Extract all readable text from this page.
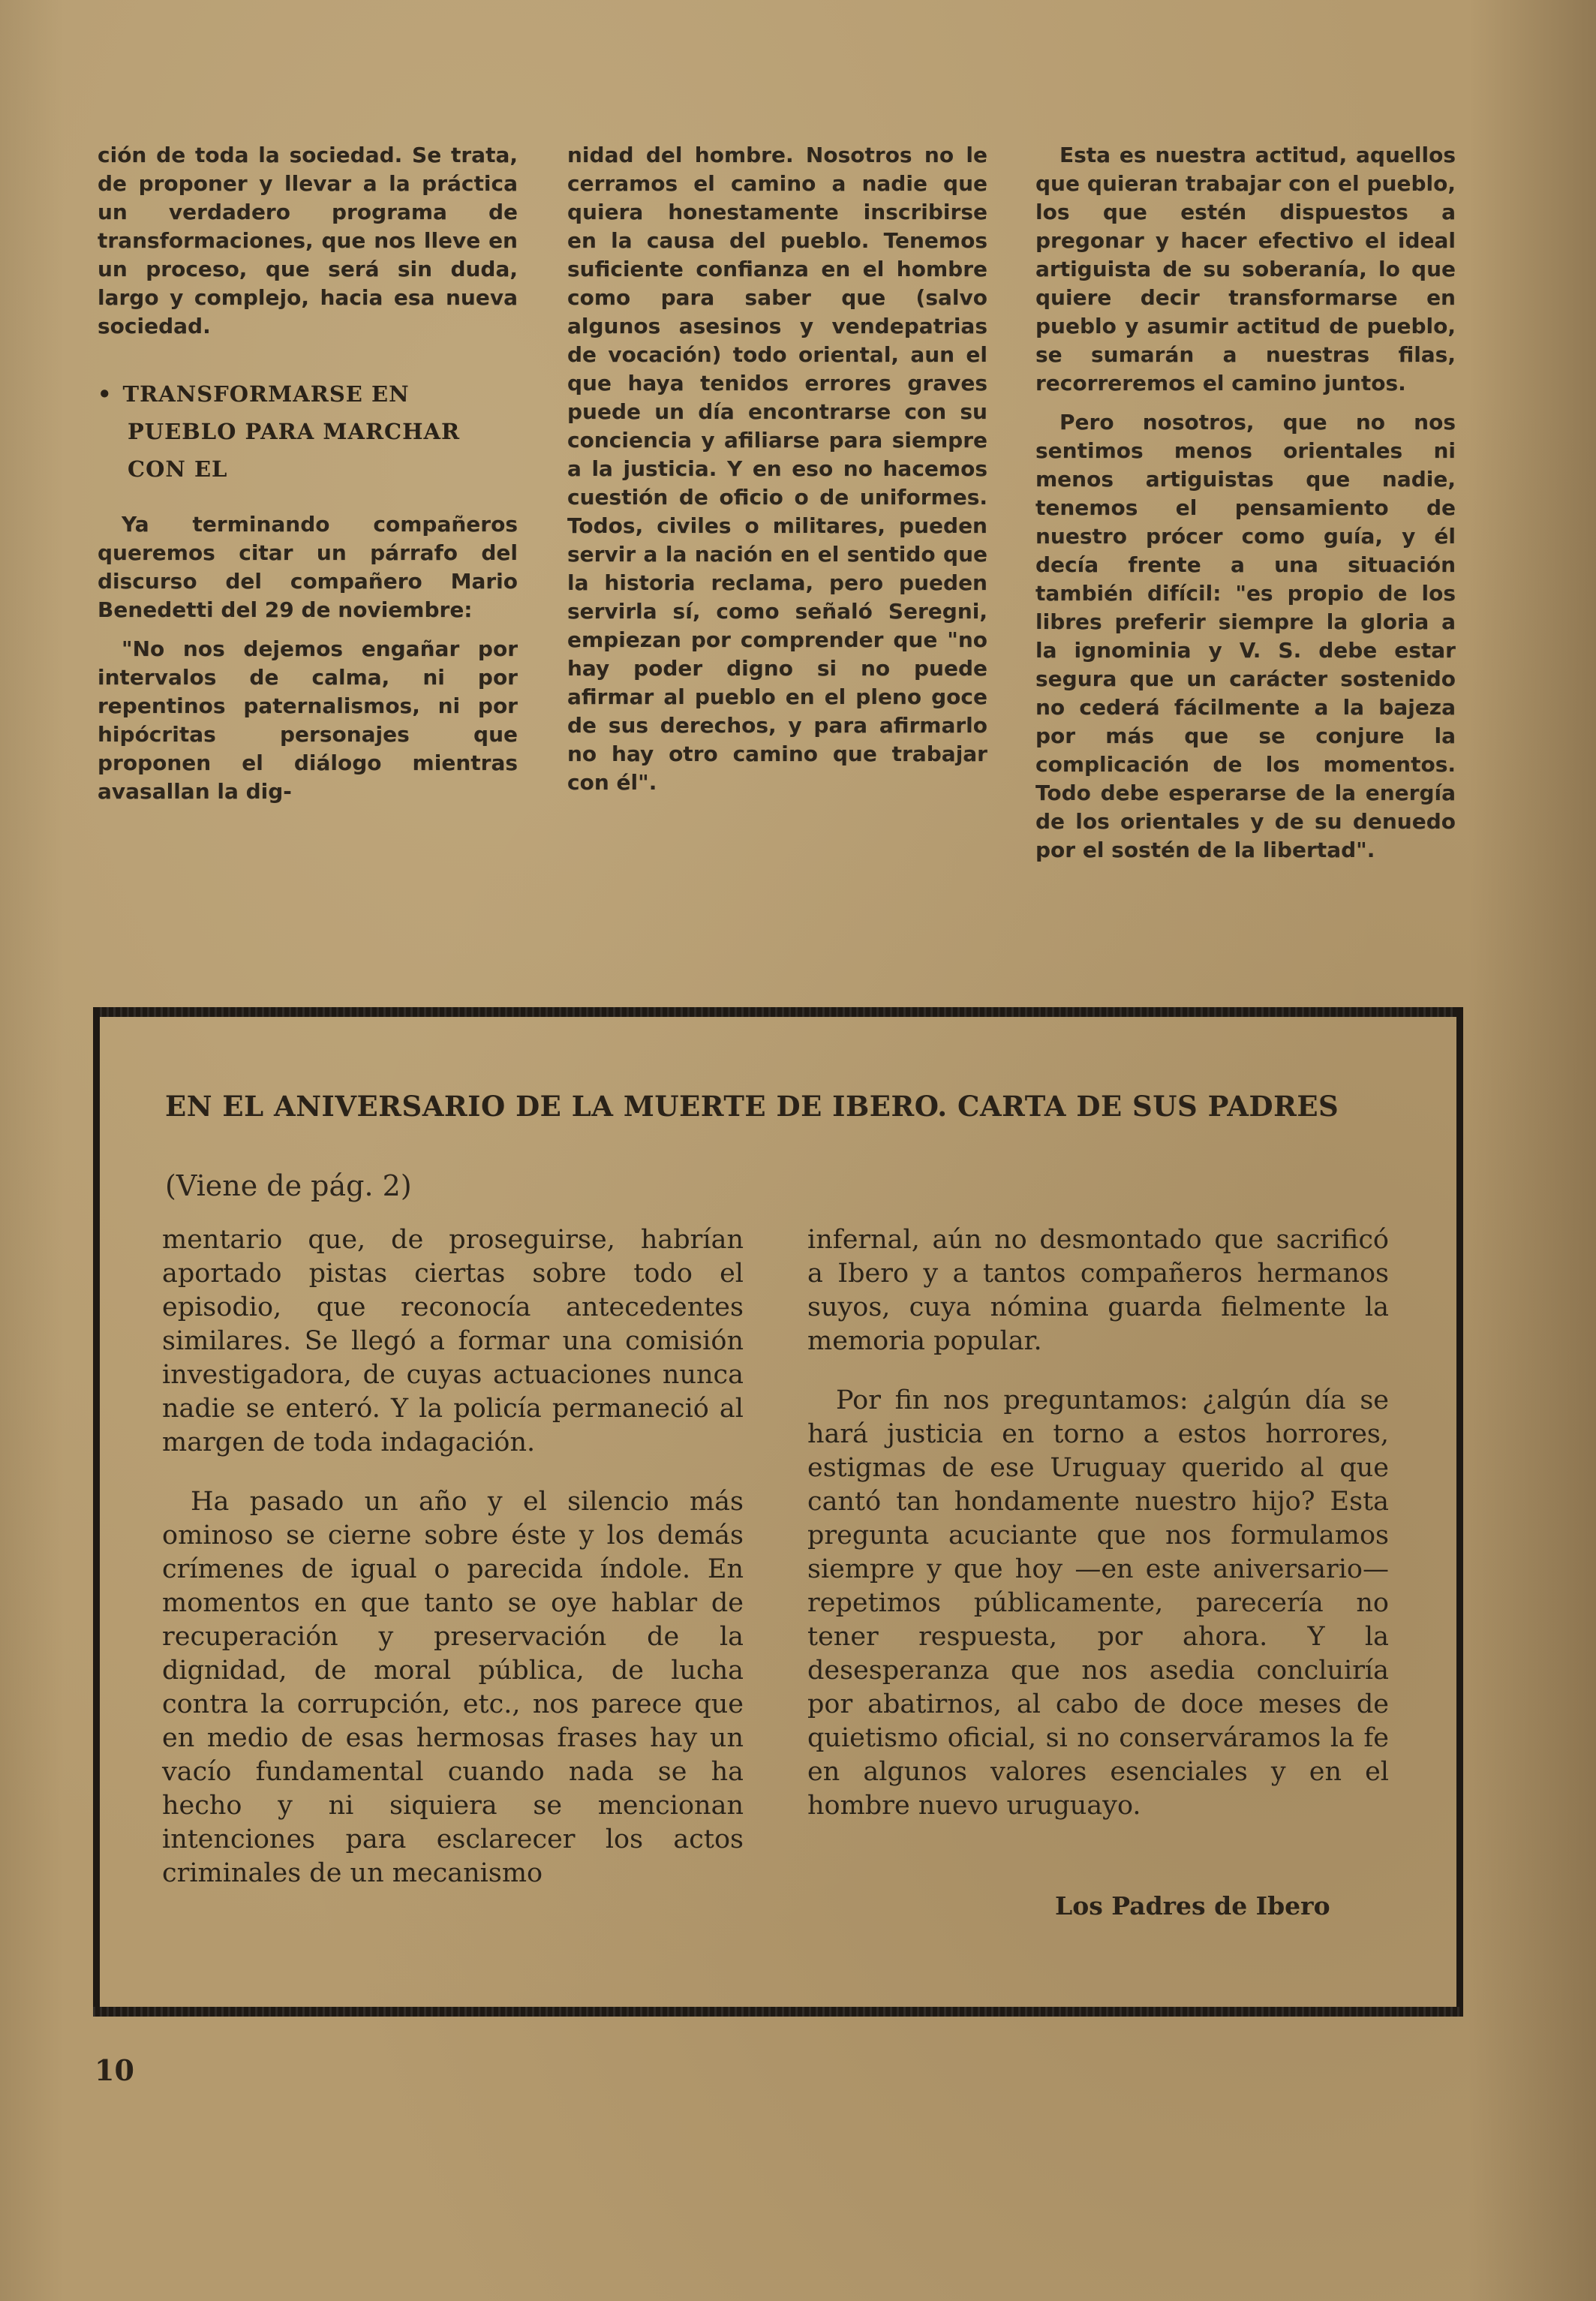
ción de toda la sociedad. Se trata, de proponer y llevar a la práctica un verdadero programa de transformaciones, que nos lleve en un proceso, que será sin duda, largo y complejo, hacia esa nueva sociedad.

• TRANSFORMARSE EN
PUEBLO PARA MARCHAR
CON EL

Ya terminando compañeros queremos citar un párrafo del discurso del compañero Mario Benedetti del 29 de noviembre:

"No nos dejemos engañar por intervalos de calma, ni por repentinos paternalismos, ni por hipócritas personajes que proponen el diálogo mientras avasallan la dig-

nidad del hombre. Nosotros no le cerramos el camino a nadie que quiera honestamente inscribirse en la causa del pueblo. Tenemos suficiente confianza en el hombre como para saber que (salvo algunos asesinos y vendepatrias de vocación) todo oriental, aun el que haya tenidos errores graves puede un día encontrarse con su conciencia y afiliarse para siempre a la justicia. Y en eso no hacemos cuestión de oficio o de uniformes. Todos, civiles o militares, pueden servir a la nación en el sentido que la historia reclama, pero pueden servirla sí, como señaló Seregni, empiezan por comprender que "no hay poder digno si no puede afirmar al pueblo en el pleno goce de sus derechos, y para afirmarlo no hay otro camino que trabajar con él".

Esta es nuestra actitud, aquellos que quieran trabajar con el pueblo, los que estén dispuestos a pregonar y hacer efectivo el ideal artiguista de su soberanía, lo que quiere decir transformarse en pueblo y asumir actitud de pueblo, se sumarán a nuestras filas, recorreremos el camino juntos.

Pero nosotros, que no nos sentimos menos orientales ni menos artiguistas que nadie, tenemos el pensamiento de nuestro prócer como guía, y él decía frente a una situación también difícil: "es propio de los libres preferir siempre la gloria a la ignominia y V. S. debe estar segura que un carácter sostenido no cederá fácilmente a la bajeza por más que se conjure la complicación de los momentos. Todo debe esperarse de la energía de los orientales y de su denuedo por el sostén de la libertad".

EN EL ANIVERSARIO DE LA MUERTE DE IBERO. CARTA DE SUS PADRES
(Viene de pág. 2)

mentario que, de proseguirse, habrían aportado pistas ciertas sobre todo el episodio, que reconocía antecedentes similares. Se llegó a formar una comisión investigadora, de cuyas actuaciones nunca nadie se enteró. Y la policía permaneció al margen de toda indagación.

Ha pasado un año y el silencio más ominoso se cierne sobre éste y los demás crímenes de igual o parecida índole. En momentos en que tanto se oye hablar de recuperación y preservación de la dignidad, de moral pública, de lucha contra la corrupción, etc., nos parece que en medio de esas hermosas frases hay un vacío fundamental cuando nada se ha hecho y ni siquiera se mencionan intenciones para esclarecer los actos criminales de un mecanismo

infernal, aún no desmontado que sacrificó a Ibero y a tantos compañeros hermanos suyos, cuya nómina guarda fielmente la memoria popular.

Por fin nos preguntamos: ¿algún día se hará justicia en torno a estos horrores, estigmas de ese Uruguay querido al que cantó tan hondamente nuestro hijo? Esta pregunta acuciante que nos formulamos siempre y que hoy —en este aniversario— repetimos públicamente, parecería no tener respuesta, por ahora. Y la desesperanza que nos asedia concluiría por abatirnos, al cabo de doce meses de quietismo oficial, si no conserváramos la fe en algunos valores esenciales y en el hombre nuevo uruguayo.

Los Padres de Ibero
10
